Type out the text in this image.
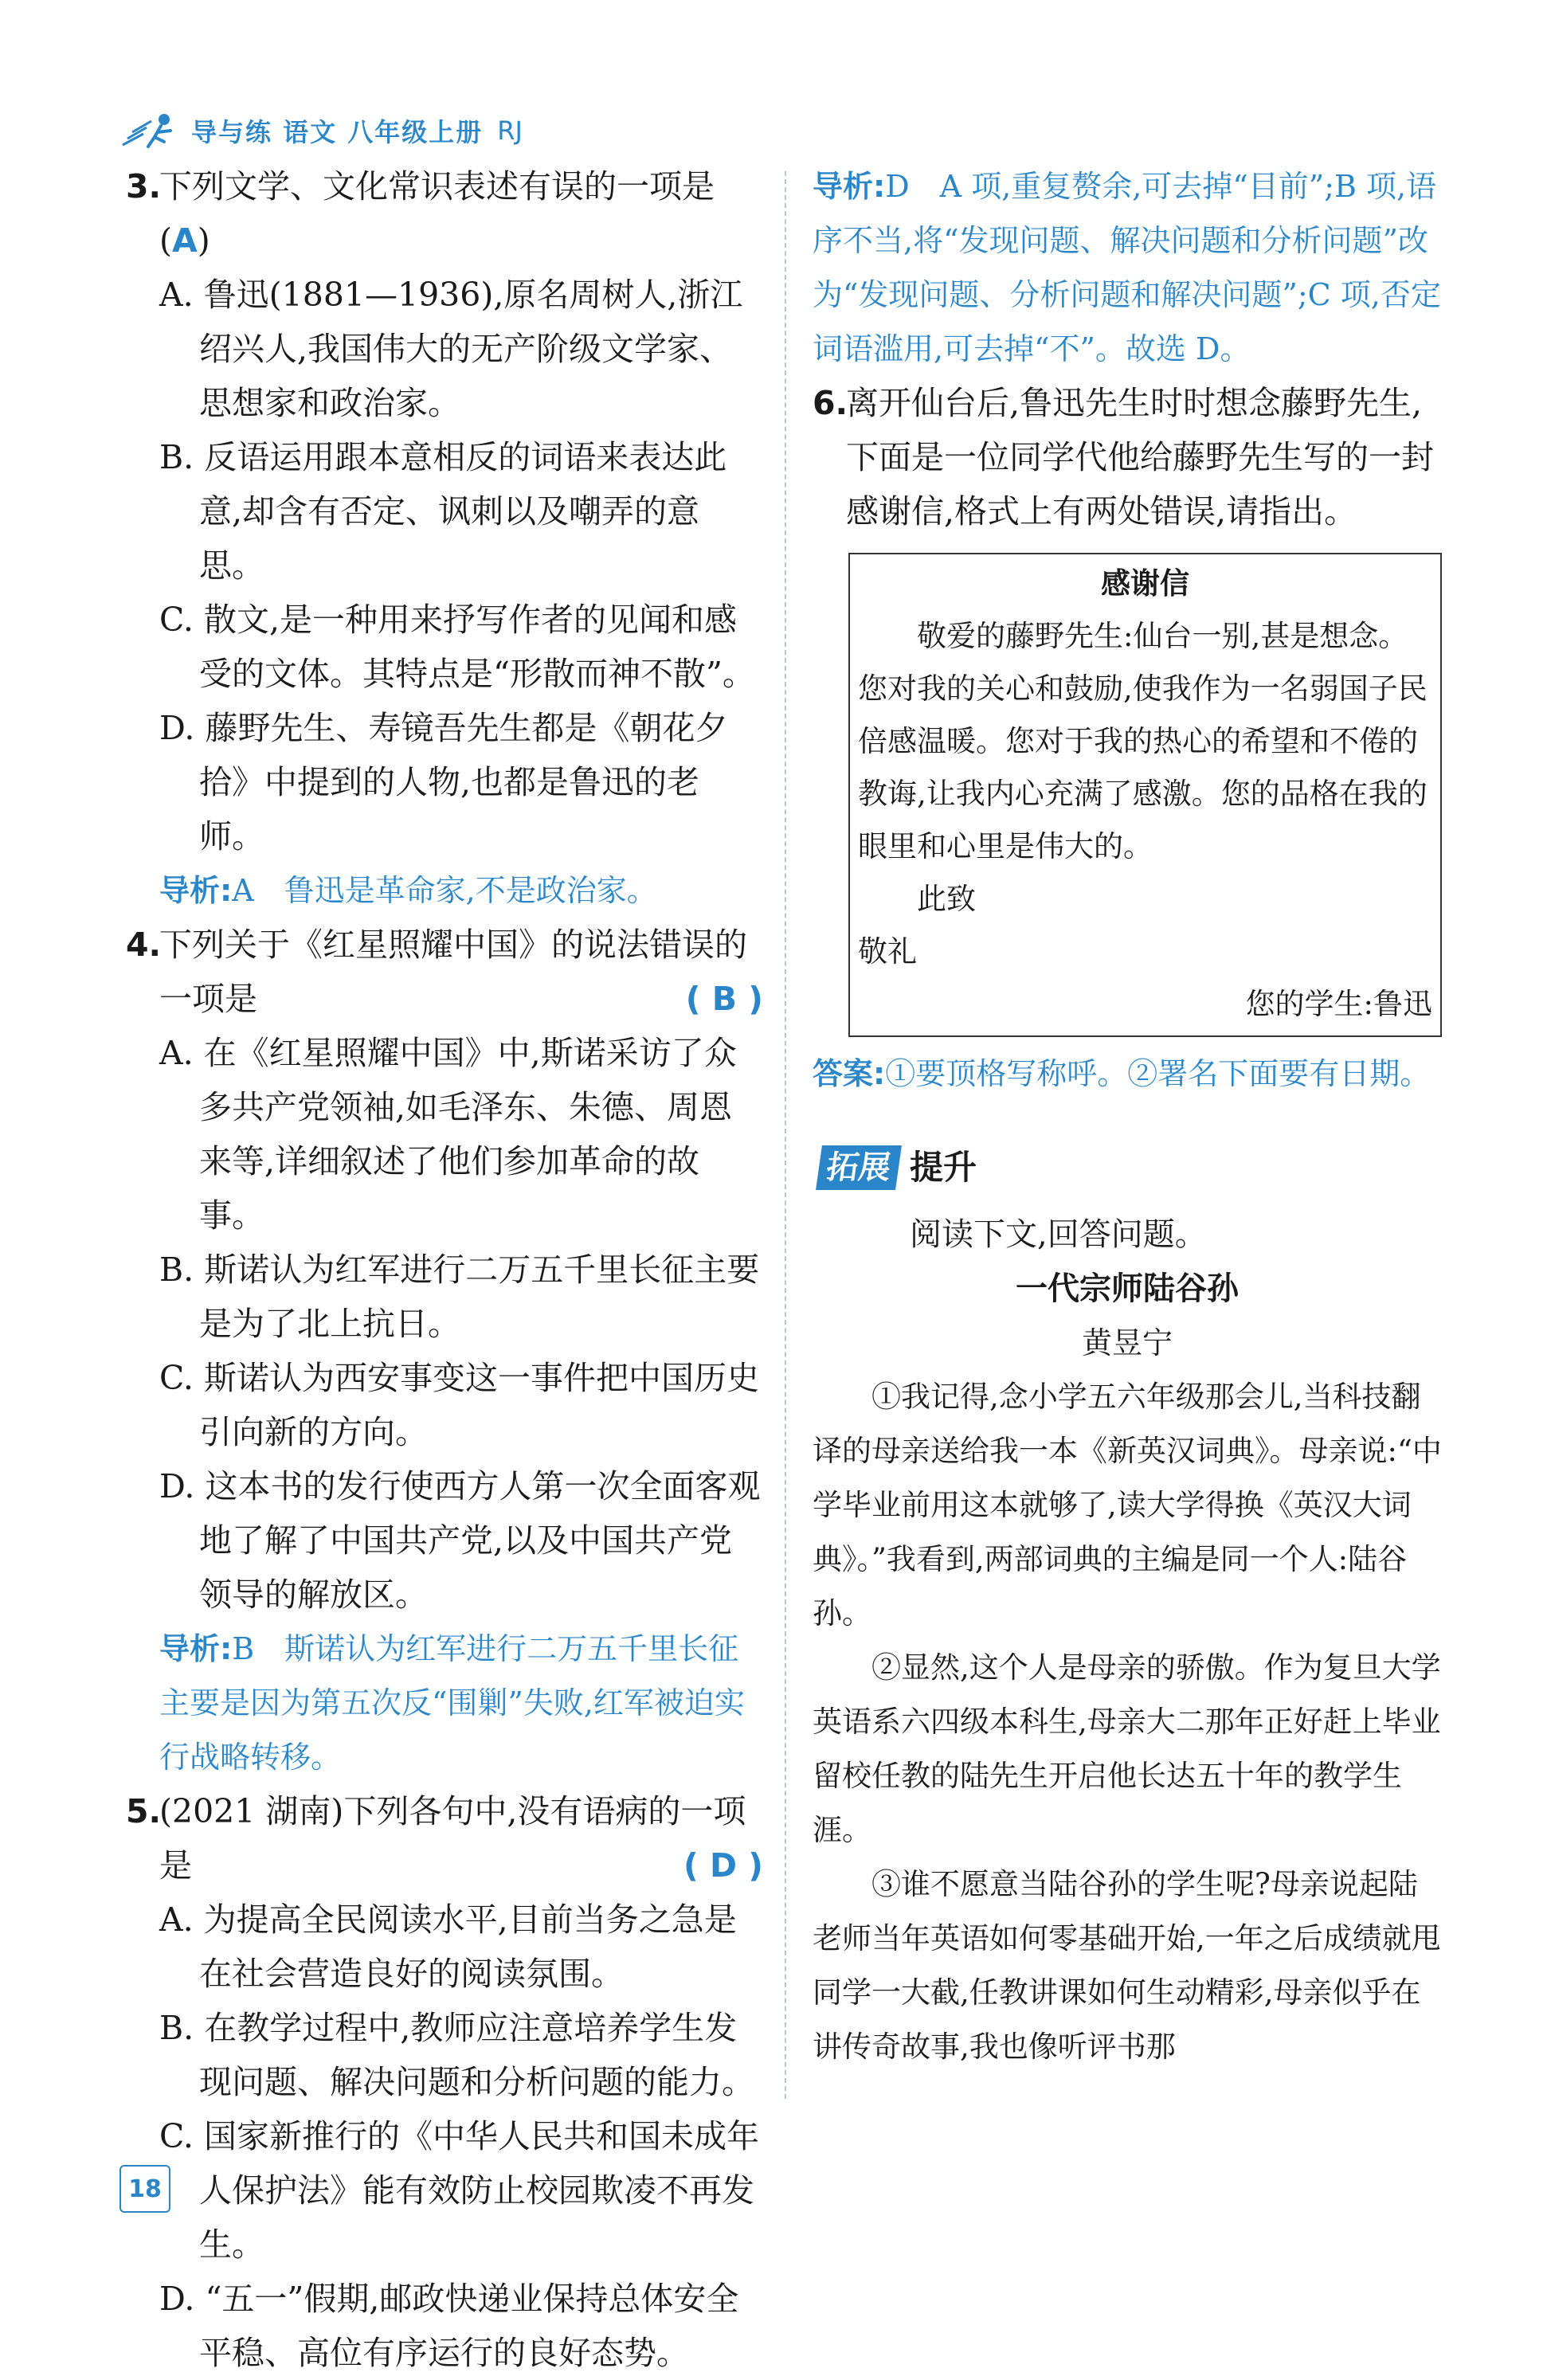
导与练 语文 八年级上册 RJ
3.
下列文学、文化常识表述有误的一项是(A)
A. 鲁迅(1881—1936),原名周树人,浙江绍兴人,我国伟大的无产阶级文学家、思想家和政治家。
B. 反语运用跟本意相反的词语来表达此意,却含有否定、讽刺以及嘲弄的意思。
C. 散文,是一种用来抒写作者的见闻和感受的文体。其特点是“形散而神不散”。
D. 藤野先生、寿镜吾先生都是《朝花夕拾》中提到的人物,也都是鲁迅的老师。
导析:A　鲁迅是革命家,不是政治家。
4.
下列关于《红星照耀中国》的说法错误的一项是	( B )
A. 在《红星照耀中国》中,斯诺采访了众多共产党领袖,如毛泽东、朱德、周恩来等,详细叙述了他们参加革命的故事。
B. 斯诺认为红军进行二万五千里长征主要是为了北上抗日。
C. 斯诺认为西安事变这一事件把中国历史引向新的方向。
D. 这本书的发行使西方人第一次全面客观地了解了中国共产党,以及中国共产党领导的解放区。
导析:B　斯诺认为红军进行二万五千里长征主要是因为第五次反“围剿”失败,红军被迫实行战略转移。
5.
(2021 湖南)下列各句中,没有语病的一项是	( D )
A. 为提高全民阅读水平,目前当务之急是在社会营造良好的阅读氛围。
B. 在教学过程中,教师应注意培养学生发现问题、解决问题和分析问题的能力。
C. 国家新推行的《中华人民共和国未成年人保护法》能有效防止校园欺凌不再发生。
D. “五一”假期,邮政快递业保持总体安全平稳、高位有序运行的良好态势。
导析:D　A 项,重复赘余,可去掉“目前”;B 项,语序不当,将“发现问题、解决问题和分析问题”改为“发现问题、分析问题和解决问题”;C 项,否定词语滥用,可去掉“不”。故选 D。
6.
离开仙台后,鲁迅先生时时想念藤野先生,下面是一位同学代他给藤野先生写的一封感谢信,格式上有两处错误,请指出。
感谢信
敬爱的藤野先生:仙台一别,甚是想念。您对我的关心和鼓励,使我作为一名弱国子民倍感温暖。您对于我的热心的希望和不倦的教诲,让我内心充满了感激。您的品格在我的眼里和心里是伟大的。
此致
敬礼
您的学生:鲁迅
答案:①要顶格写称呼。②署名下面要有日期。
拓展 提升
阅读下文,回答问题。
一代宗师陆谷孙
黄昱宁
①我记得,念小学五六年级那会儿,当科技翻译的母亲送给我一本《新英汉词典》。母亲说:“中学毕业前用这本就够了,读大学得换《英汉大词典》。”我看到,两部词典的主编是同一个人:陆谷孙。
②显然,这个人是母亲的骄傲。作为复旦大学英语系六四级本科生,母亲大二那年正好赶上毕业留校任教的陆先生开启他长达五十年的教学生涯。
③谁不愿意当陆谷孙的学生呢?母亲说起陆老师当年英语如何零基础开始,一年之后成绩就甩同学一大截,任教讲课如何生动精彩,母亲似乎在讲传奇故事,我也像听评书那
18
